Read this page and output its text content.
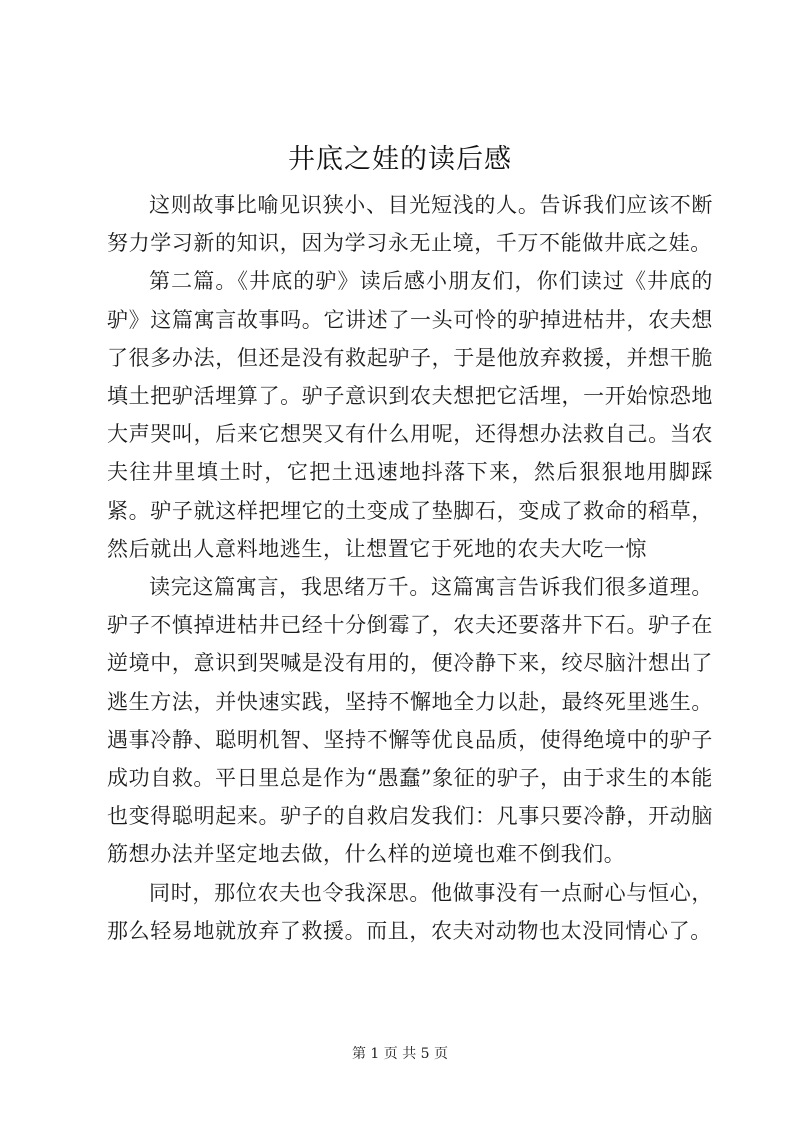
井底之娃的读后感

这则故事比喻见识狭小、目光短浅的人。告诉我们应该不断努力学习新的知识，因为学习永无止境，千万不能做井底之娃。

第二篇。《井底的驴》读后感小朋友们，你们读过《井底的驴》这篇寓言故事吗。它讲述了一头可怜的驴掉进枯井，农夫想了很多办法，但还是没有救起驴子，于是他放弃救援，并想干脆填土把驴活埋算了。驴子意识到农夫想把它活埋，一开始惊恐地大声哭叫，后来它想哭又有什么用呢，还得想办法救自己。当农夫往井里填土时，它把土迅速地抖落下来，然后狠狠地用脚踩紧。驴子就这样把埋它的土变成了垫脚石，变成了救命的稻草，然后就出人意料地逃生，让想置它于死地的农夫大吃一惊

读完这篇寓言，我思绪万千。这篇寓言告诉我们很多道理。驴子不慎掉进枯井已经十分倒霉了，农夫还要落井下石。驴子在逆境中，意识到哭喊是没有用的，便冷静下来，绞尽脑汁想出了逃生方法，并快速实践，坚持不懈地全力以赴，最终死里逃生。遇事冷静、聪明机智、坚持不懈等优良品质，使得绝境中的驴子成功自救。平日里总是作为“愚蠢”象征的驴子，由于求生的本能也变得聪明起来。驴子的自救启发我们：凡事只要冷静，开动脑筋想办法并坚定地去做，什么样的逆境也难不倒我们。

同时，那位农夫也令我深思。他做事没有一点耐心与恒心，那么轻易地就放弃了救援。而且，农夫对动物也太没同情心了。

第 1 页 共 5 页
